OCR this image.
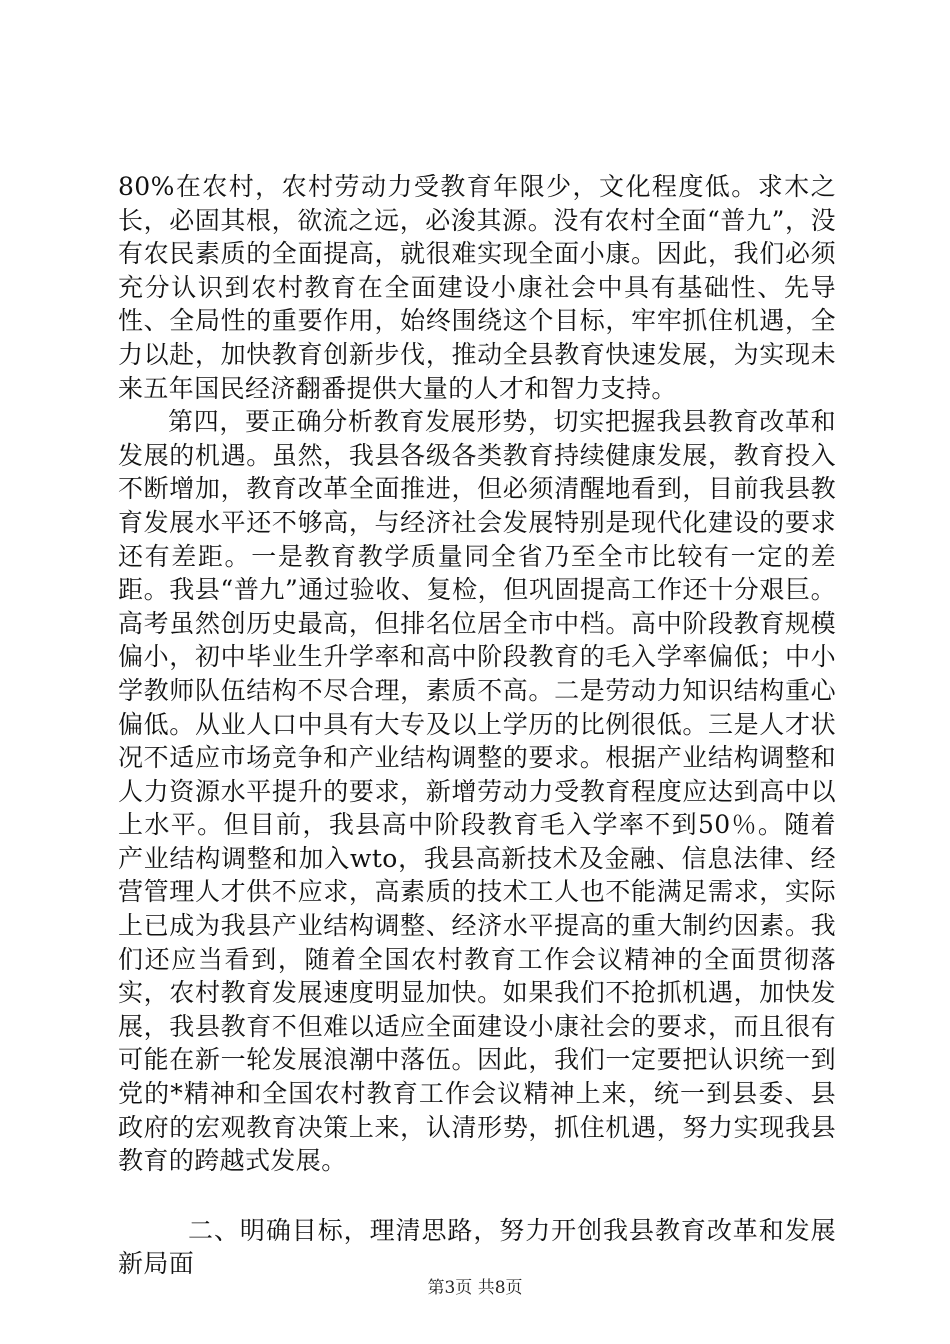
80%在农村，农村劳动力受教育年限少，文化程度低。求木之长，必固其根，欲流之远，必浚其源。没有农村全面“普九”，没有农民素质的全面提高，就很难实现全面小康。因此，我们必须充分认识到农村教育在全面建设小康社会中具有基础性、先导性、全局性的重要作用，始终围绕这个目标，牢牢抓住机遇，全力以赴，加快教育创新步伐，推动全县教育快速发展，为实现未来五年国民经济翻番提供大量的人才和智力支持。

第四，要正确分析教育发展形势，切实把握我县教育改革和发展的机遇。虽然，我县各级各类教育持续健康发展，教育投入不断增加，教育改革全面推进，但必须清醒地看到，目前我县教育发展水平还不够高，与经济社会发展特别是现代化建设的要求还有差距。一是教育教学质量同全省乃至全市比较有一定的差距。我县“普九”通过验收、复检，但巩固提高工作还十分艰巨。高考虽然创历史最高，但排名位居全市中档。高中阶段教育规模偏小，初中毕业生升学率和高中阶段教育的毛入学率偏低；中小学教师队伍结构不尽合理，素质不高。二是劳动力知识结构重心偏低。从业人口中具有大专及以上学历的比例很低。三是人才状况不适应市场竞争和产业结构调整的要求。根据产业结构调整和人力资源水平提升的要求，新增劳动力受教育程度应达到高中以上水平。但目前，我县高中阶段教育毛入学率不到50％。随着产业结构调整和加入wto，我县高新技术及金融、信息法律、经营管理人才供不应求，高素质的技术工人也不能满足需求，实际上已成为我县产业结构调整、经济水平提高的重大制约因素。我们还应当看到，随着全国农村教育工作会议精神的全面贯彻落实，农村教育发展速度明显加快。如果我们不抢抓机遇，加快发展，我县教育不但难以适应全面建设小康社会的要求，而且很有可能在新一轮发展浪潮中落伍。因此，我们一定要把认识统一到党的*精神和全国农村教育工作会议精神上来，统一到县委、县政府的宏观教育决策上来，认清形势，抓住机遇，努力实现我县教育的跨越式发展。

二、明确目标，理清思路，努力开创我县教育改革和发展新局面

第3页 共8页
